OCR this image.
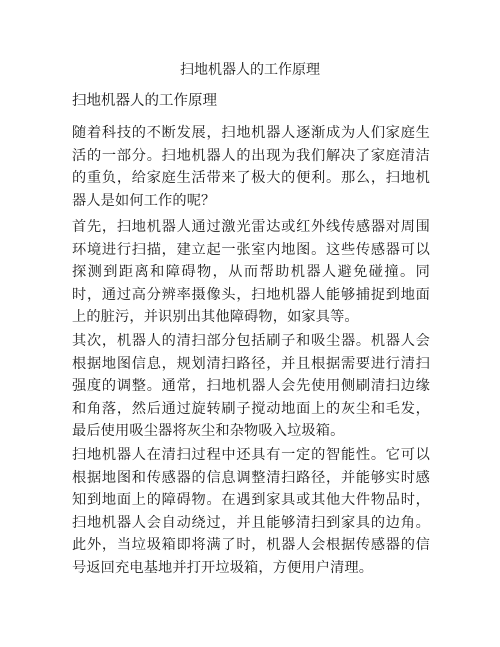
扫地机器人的工作原理
扫地机器人的工作原理

随着科技的不断发展，扫地机器人逐渐成为人们家庭生活的一部分。扫地机器人的出现为我们解决了家庭清洁的重负，给家庭生活带来了极大的便利。那么，扫地机器人是如何工作的呢？

首先，扫地机器人通过激光雷达或红外线传感器对周围环境进行扫描，建立起一张室内地图。这些传感器可以探测到距离和障碍物，从而帮助机器人避免碰撞。同时，通过高分辨率摄像头，扫地机器人能够捕捉到地面上的脏污，并识别出其他障碍物，如家具等。

其次，机器人的清扫部分包括刷子和吸尘器。机器人会根据地图信息，规划清扫路径，并且根据需要进行清扫强度的调整。通常，扫地机器人会先使用侧刷清扫边缘和角落，然后通过旋转刷子搅动地面上的灰尘和毛发，最后使用吸尘器将灰尘和杂物吸入垃圾箱。

扫地机器人在清扫过程中还具有一定的智能性。它可以根据地图和传感器的信息调整清扫路径，并能够实时感知到地面上的障碍物。在遇到家具或其他大件物品时，扫地机器人会自动绕过，并且能够清扫到家具的边角。此外，当垃圾箱即将满了时，机器人会根据传感器的信号返回充电基地并打开垃圾箱，方便用户清理。
